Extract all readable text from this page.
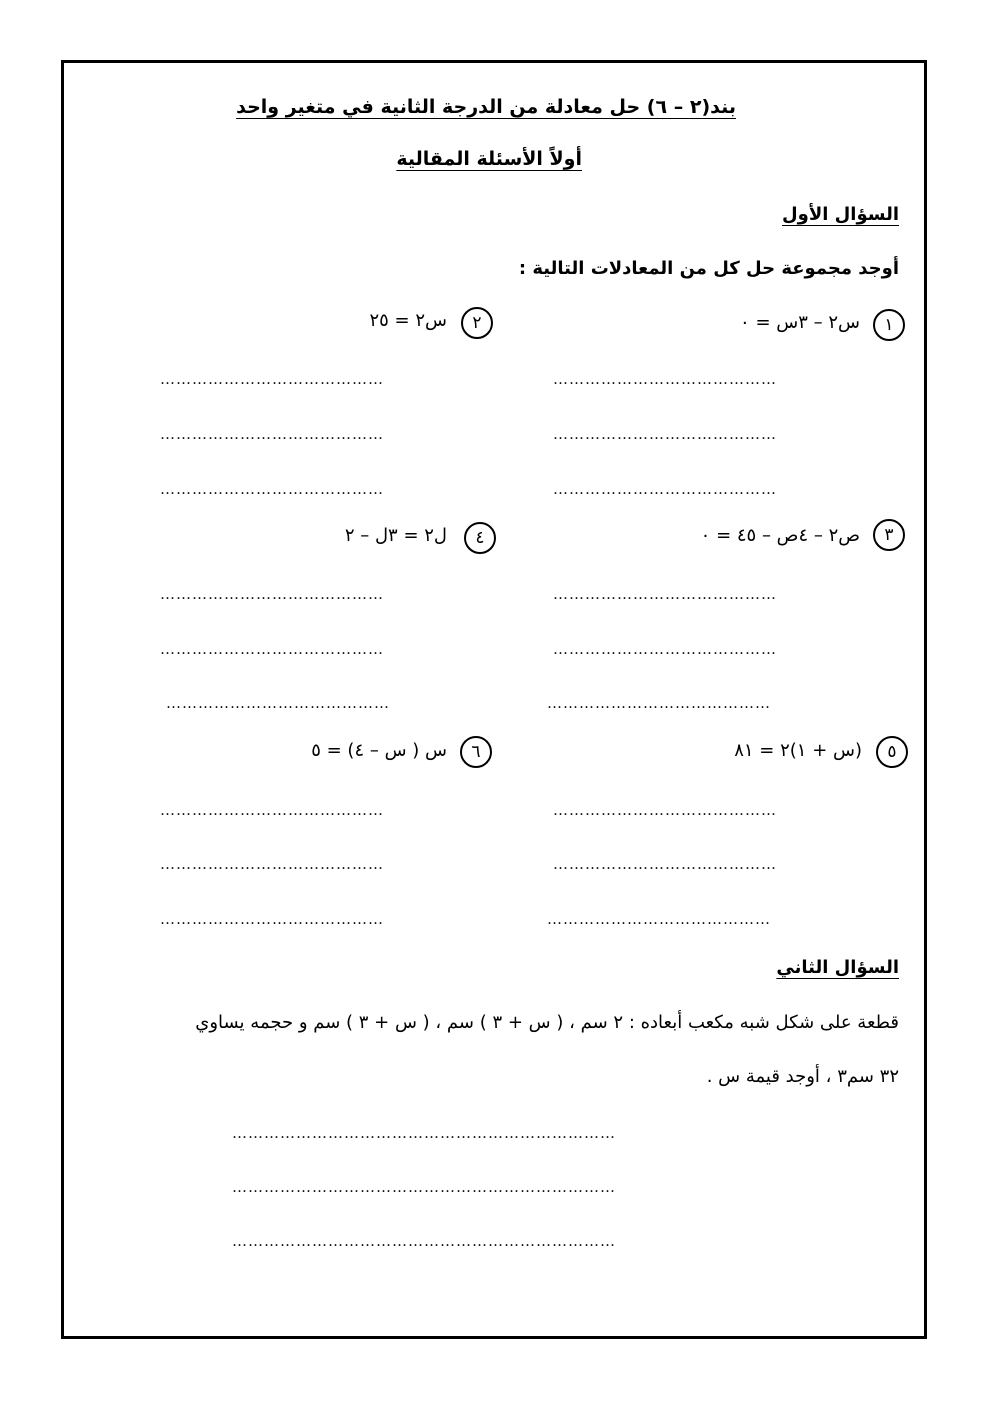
بند(٢ – ٦) حل معادلة من الدرجة الثانية في متغير واحد
أولاً الأسئلة المقالية
السؤال الأول
أوجد مجموعة حل كل من المعادلات التالية :
١
س٢ – ٣س = ٠
٢
س٢ = ٢٥
……………………………………
……………………………………
……………………………………
……………………………………
……………………………………
……………………………………
٣
ص٢ – ٤ص – ٤٥ = ٠
٤
ل٢ = ٣ل – ٢
……………………………………
……………………………………
……………………………………
……………………………………
……………………………………
……………………………………
٥
(س + ١)٢ = ٨١
٦
س ( س – ٤) = ٥
……………………………………
……………………………………
……………………………………
……………………………………
……………………………………
……………………………………
السؤال الثاني
قطعة على شكل شبه مكعب أبعاده : ٢ سم ، ( س + ٣ ) سم ، ( س + ٣ ) سم و حجمه يساوي
٣٢ سم٣ ، أوجد قيمة س .
………………………………………………………………
………………………………………………………………
………………………………………………………………
